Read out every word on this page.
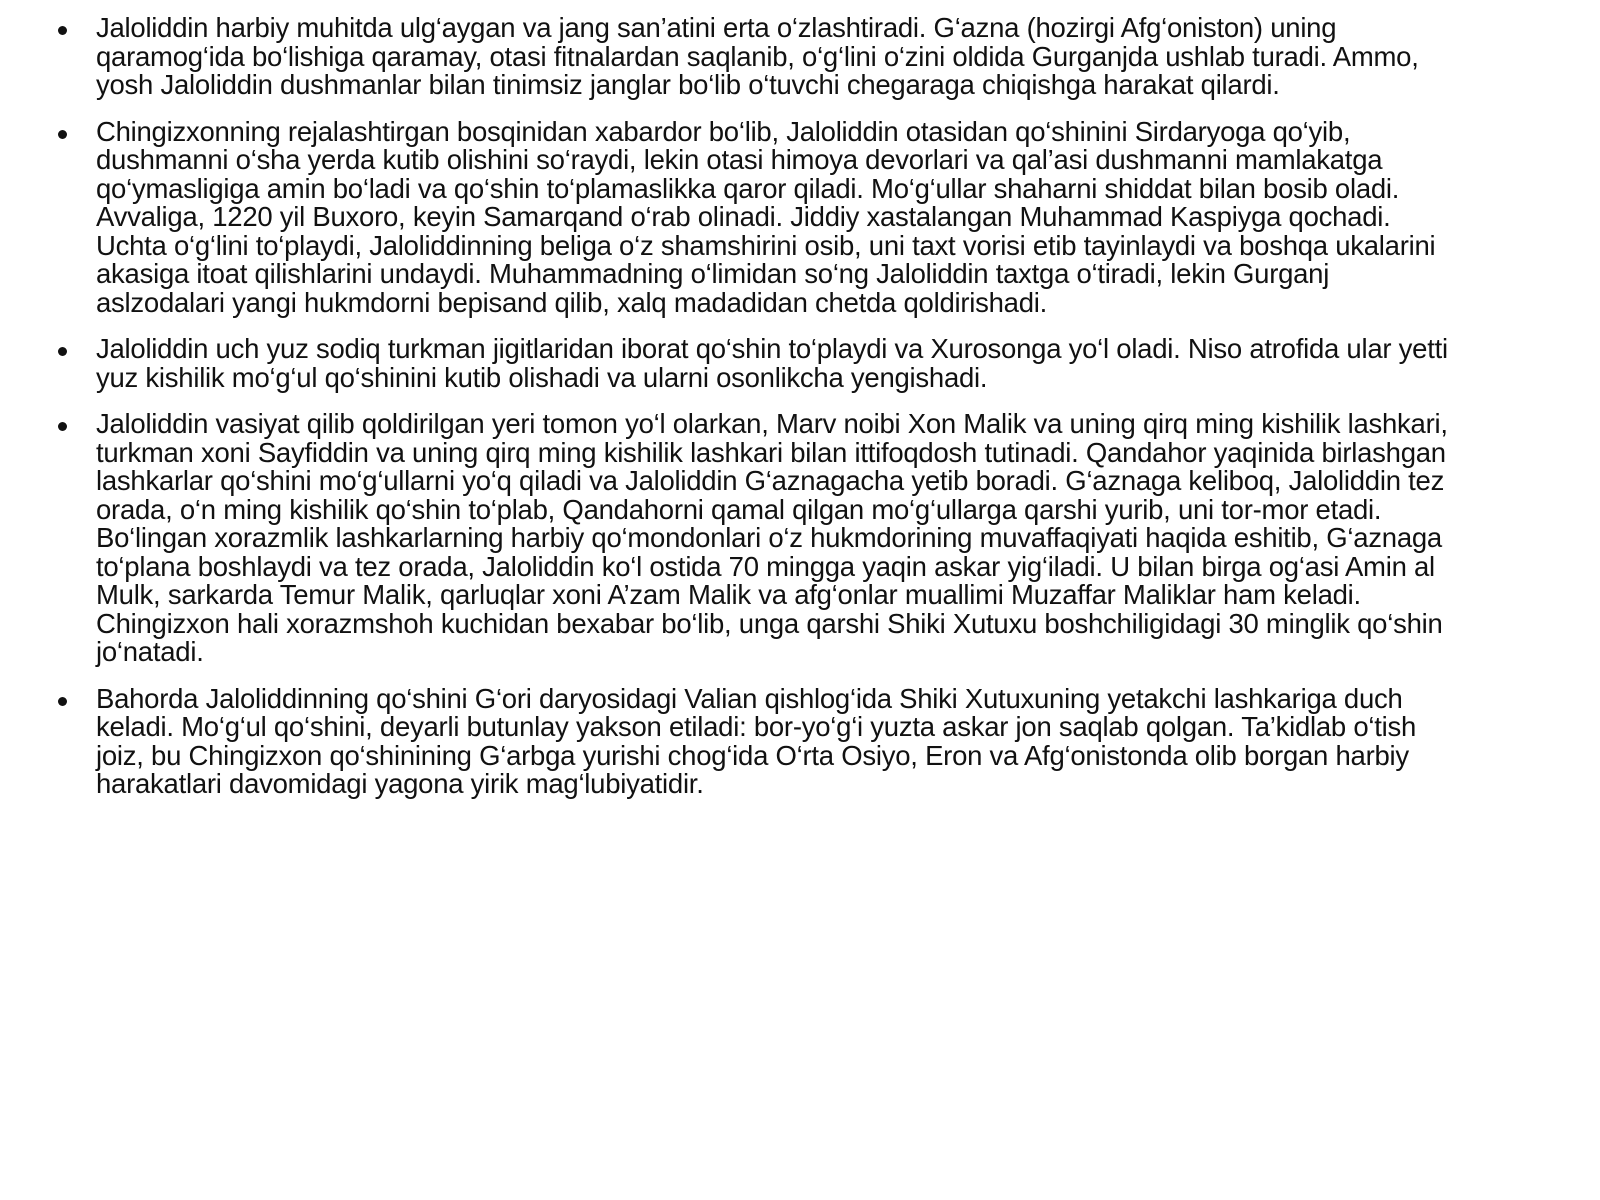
Jaloliddin harbiy muhitda ulg‘aygan va jang san’atini erta o‘zlashtiradi. G‘azna (hozirgi Afg‘oniston) uning qaramog‘ida bo‘lishiga qaramay, otasi fitnalardan saqlanib, o‘g‘lini o‘zini oldida Gurganjda ushlab turadi. Ammo, yosh Jaloliddin dushmanlar bilan tinimsiz janglar bo‘lib o‘tuvchi chegaraga chiqishga harakat qilardi.
Chingizxonning rejalashtirgan bosqinidan xabardor bo‘lib, Jaloliddin otasidan qo‘shinini Sirdaryoga qo‘yib, dushmanni o‘sha yerda kutib olishini so‘raydi, lekin otasi himoya devorlari va qal’asi dushmanni mamlakatga qo‘ymasligiga amin bo‘ladi va qo‘shin to‘plamaslikka qaror qiladi. Mo‘g‘ullar shaharni shiddat bilan bosib oladi. Avvaliga, 1220 yil Buxoro, keyin Samarqand o‘rab olinadi. Jiddiy xastalangan Muhammad Kaspiyga qochadi. Uchta o‘g‘lini to‘playdi, Jaloliddinning beliga o‘z shamshirini osib, uni taxt vorisi etib tayinlaydi va boshqa ukalarini akasiga itoat qilishlarini undaydi. Muhammadning o‘limidan so‘ng Jaloliddin taxtga o‘tiradi, lekin Gurganj aslzodalari yangi hukmdorni bepisand qilib, xalq madadidan chetda qoldirishadi.
Jaloliddin uch yuz sodiq turkman jigitlaridan iborat qo‘shin to‘playdi va Xurosonga yo‘l oladi. Niso atrofida ular yetti yuz kishilik mo‘g‘ul qo‘shinini kutib olishadi va ularni osonlikcha yengishadi.
Jaloliddin vasiyat qilib qoldirilgan yeri tomon yo‘l olarkan, Marv noibi Xon Malik va uning qirq ming kishilik lashkari, turkman xoni Sayfiddin va uning qirq ming kishilik lashkari bilan ittifoqdosh tutinadi. Qandahor yaqinida birlashgan lashkarlar qo‘shini mo‘g‘ullarni yo‘q qiladi va Jaloliddin G‘aznagacha yetib boradi. G‘aznaga keliboq, Jaloliddin tez orada, o‘n ming kishilik qo‘shin to‘plab, Qandahorni qamal qilgan mo‘g‘ullarga qarshi yurib, uni tor-mor etadi. Bo‘lingan xorazmlik lashkarlarning harbiy qo‘mondonlari o‘z hukmdorining muvaffaqiyati haqida eshitib, G‘aznaga to‘plana boshlaydi va tez orada, Jaloliddin ko‘l ostida 70 mingga yaqin askar yig‘iladi. U bilan birga og‘asi Amin al Mulk, sarkarda Temur Malik, qarluqlar xoni A’zam Malik va afg‘onlar muallimi Muzaffar Maliklar ham keladi. Chingizxon hali xorazmshoh kuchidan bexabar bo‘lib, unga qarshi Shiki Xutuxu boshchiligidagi 30 minglik qo‘shin jo‘natadi.
Bahorda Jaloliddinning qo‘shini G‘ori daryosidagi Valian qishlog‘ida Shiki Xutuxuning yetakchi lashkariga duch keladi. Mo‘g‘ul qo‘shini, deyarli butunlay yakson etiladi: bor-yo‘g‘i yuzta askar jon saqlab qolgan. Ta’kidlab o‘tish joiz, bu Chingizxon qo‘shinining G‘arbga yurishi chog‘ida O‘rta Osiyo, Eron va Afg‘onistonda olib borgan harbiy harakatlari davomidagi yagona yirik mag‘lubiyatidir.
